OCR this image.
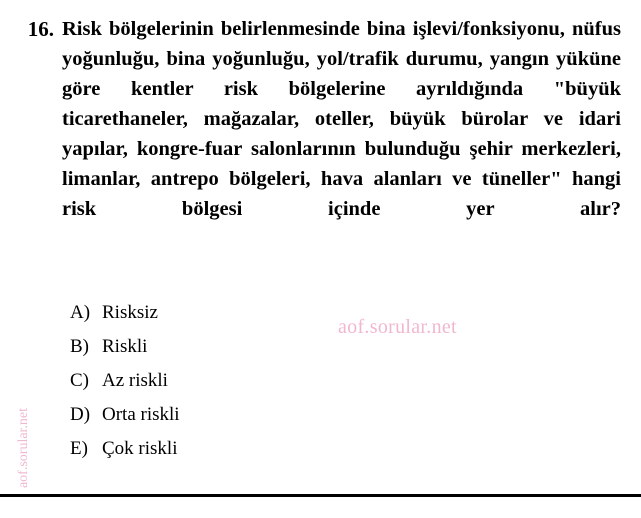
16. Risk bölgelerinin belirlenmesinde bina işlevi/fonksiyonu, nüfus yoğunluğu, bina yoğunluğu, yol/trafik durumu, yangın yüküne göre kentler risk bölgelerine ayrıldığında "büyük ticarethaneler, mağazalar, oteller, büyük bürolar ve idari yapılar, kongre-fuar salonlarının bulunduğu şehir merkezleri, limanlar, antrepo bölgeleri, hava alanları ve tüneller" hangi risk bölgesi içinde yer alır?
A) Risksiz
B) Riskli
C) Az riskli
D) Orta riskli
E) Çok riskli
aof.sorular.net
aof.sorular.net
